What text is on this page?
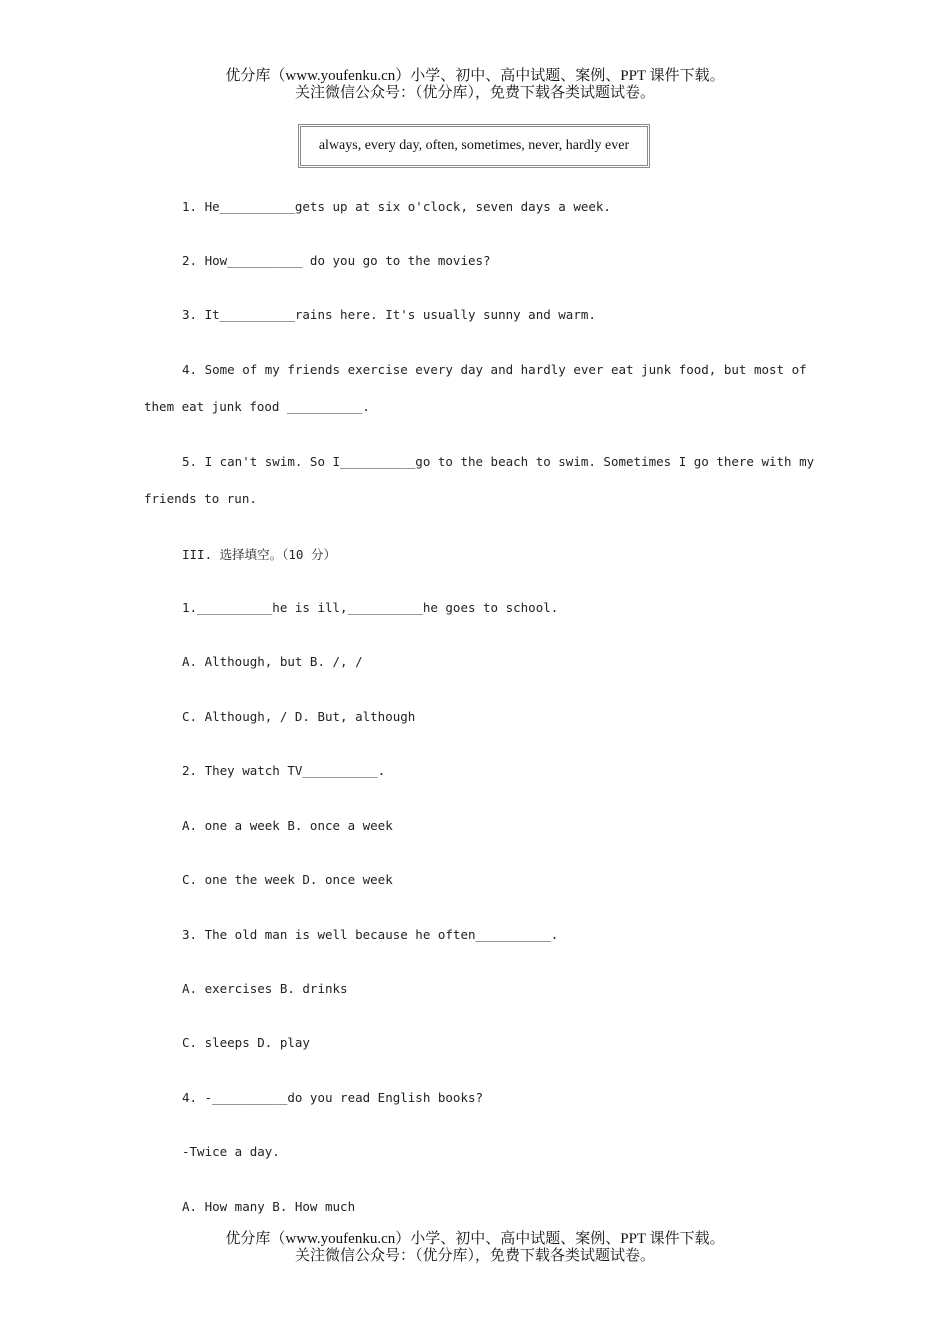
优分库（www.youfenku.cn）小学、初中、高中试题、案例、PPT 课件下载。
关注微信公众号：（优分库），免费下载各类试题试卷。
always, every day, often, sometimes, never, hardly ever
1. He__________gets up at six o'clock, seven days a week.
2. How__________ do you go to the movies?
3. It__________rains here. It's usually sunny and warm.
4. Some of my friends exercise every day and hardly ever eat junk food, but most of
them eat junk food __________.
5. I can't swim. So I__________go to the beach to swim. Sometimes I go there with my
friends to run.
III. 选择填空。（10 分）
1.__________he is ill,__________he goes to school.
A. Although, but B. /, /
C. Although, / D. But, although
2. They watch TV__________.
A. one a week B. once a week
C. one the week D. once week
3. The old man is well because he often__________.
A. exercises B. drinks
C. sleeps D. play
4. -__________do you read English books?
-Twice a day.
A. How many B. How much
优分库（www.youfenku.cn）小学、初中、高中试题、案例、PPT 课件下载。
关注微信公众号：（优分库），免费下载各类试题试卷。
